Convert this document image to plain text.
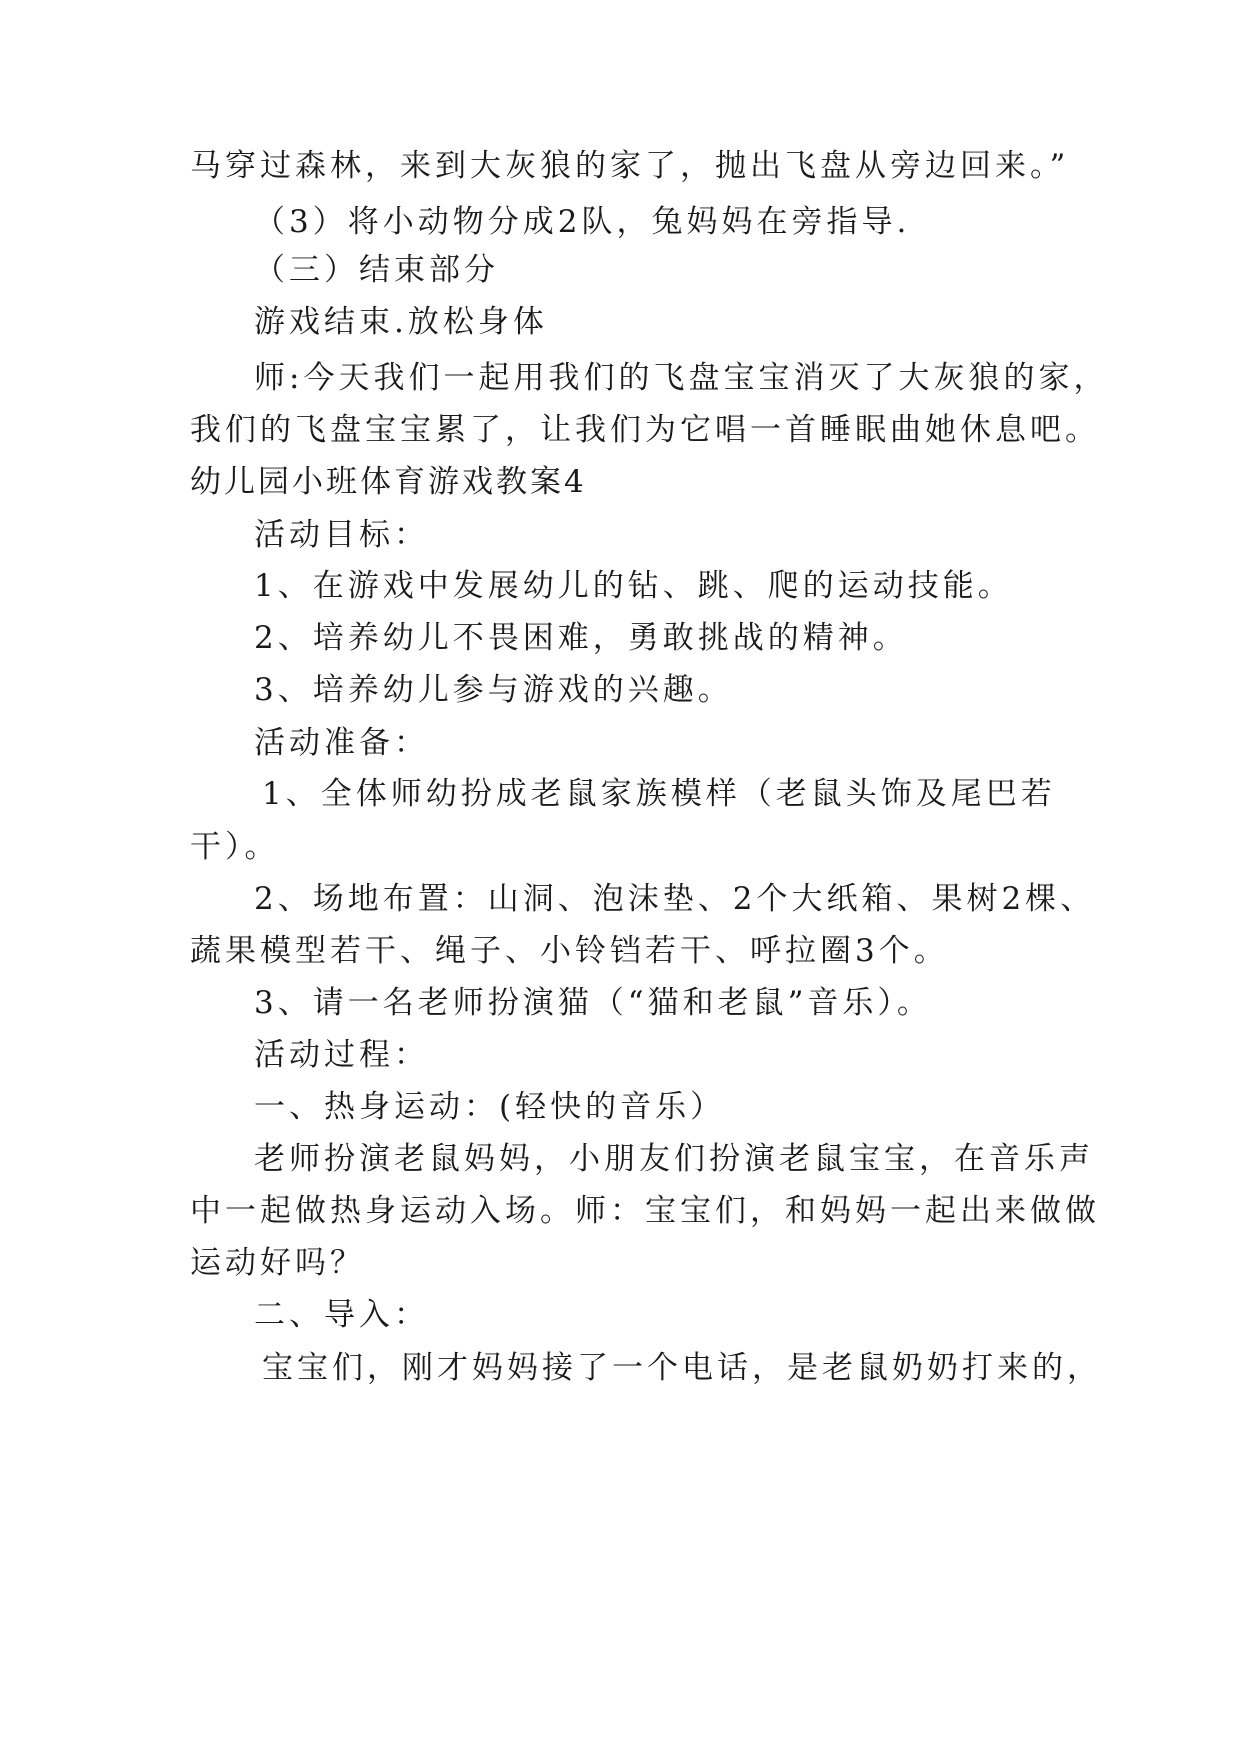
马穿过森林，来到大灰狼的家了，抛出飞盘从旁边回来。”

（3）将小动物分成2队，兔妈妈在旁指导.

（三）结束部分

游戏结束.放松身体

师:今天我们一起用我们的飞盘宝宝消灭了大灰狼的家，

我们的飞盘宝宝累了，让我们为它唱一首睡眠曲她休息吧。

幼儿园小班体育游戏教案4

活动目标：

1、在游戏中发展幼儿的钻、跳、爬的运动技能。

2、培养幼儿不畏困难，勇敢挑战的精神。

3、培养幼儿参与游戏的兴趣。

活动准备：

1、全体师幼扮成老鼠家族模样（老鼠头饰及尾巴若

干）。

2、场地布置：山洞、泡沫垫、2个大纸箱、果树2棵、

蔬果模型若干、绳子、小铃铛若干、呼拉圈3个。

3、请一名老师扮演猫（“猫和老鼠”音乐）。

活动过程：

一、热身运动：(轻快的音乐）

老师扮演老鼠妈妈，小朋友们扮演老鼠宝宝，在音乐声

中一起做热身运动入场。师：宝宝们，和妈妈一起出来做做

运动好吗？

二、导入：

宝宝们，刚才妈妈接了一个电话，是老鼠奶奶打来的，
